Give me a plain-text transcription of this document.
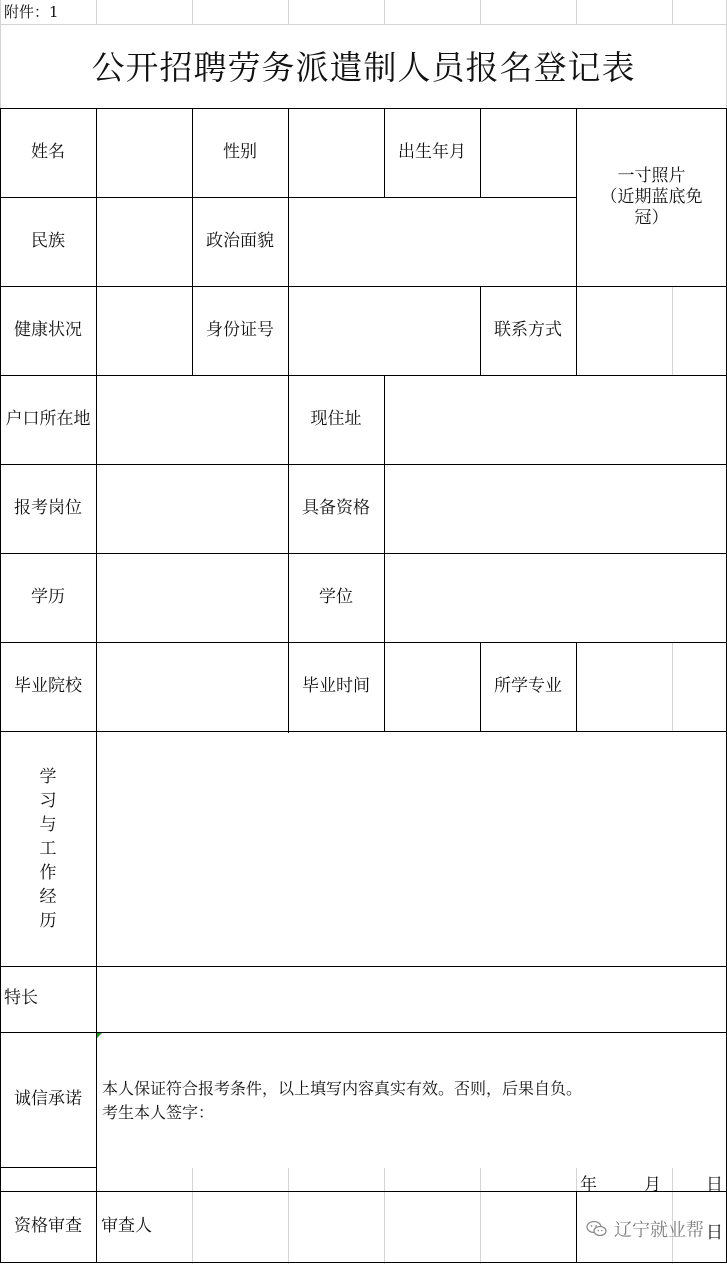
附件：1
公开招聘劳务派遣制人员报名登记表
姓名	性别	出生年月
一寸照片
（近期蓝底免
冠）
民族	政治面貌
健康状况	身份证号	联系方式
户口所在地	现住址
报考岗位	具备资格
学历	学位
毕业院校	毕业时间	所学专业
学
习
与
工
作
经
历
特长
诚信承诺
本人保证符合报考条件，以上填写内容真实有效。否则，后果自负。
考生本人签字：
年	月	日
资格审查	审查人	日
辽宁就业帮
